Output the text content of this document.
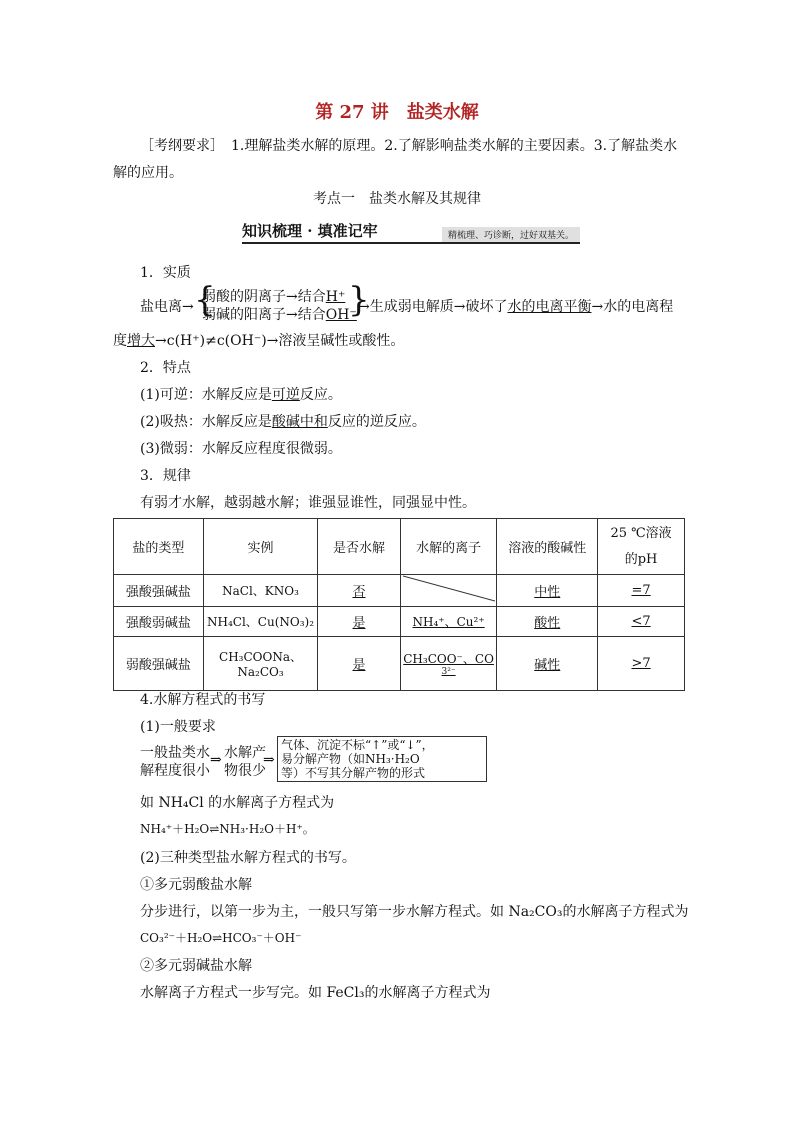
第 27 讲　盐类水解
［考纲要求］　1.理解盐类水解的原理。2.了解影响盐类水解的主要因素。3.了解盐类水
解的应用。
考点一　盐类水解及其规律
知识梳理 · 填准记牢	精梳理、巧诊断，过好双基关。
1．实质
盐电离→ {
弱酸的阴离子→结合H⁺
弱碱的阳离子→结合OH⁻
}
→生成弱电解质→破坏了水的电离平衡→水的电离程
度增大→c(H⁺)≠c(OH⁻)→溶液呈碱性或酸性。
2．特点
(1)可逆：水解反应是可逆反应。
(2)吸热：水解反应是酸碱中和反应的逆反应。
(3)微弱：水解反应程度很微弱。
3．规律
有弱才水解，越弱越水解；谁强显谁性，同强显中性。
盐的类型	实例	是否水解	水解的离子	溶液的酸碱性	25 ℃溶液
的pH

强酸强碱盐	NaCl、KNO₃	否		中性	=7
强酸弱碱盐	NH₄Cl、Cu(NO₃)₂	是	NH₄⁺、Cu²⁺	酸性	<7
弱酸强碱盐	CH₃COONa、Na₂CO₃	是	CH₃COO⁻、CO
3²⁻	碱性	>7
4.水解方程式的书写
(1)一般要求
一般盐类水
解程度很小
⇒ 水解产
物很少
⇒
气体、沉淀不标“↑”或“↓”，
易分解产物（如NH₃·H₂O
等）不写其分解产物的形式
如 NH₄Cl 的水解离子方程式为
NH₄⁺＋H₂O⇌NH₃·H₂O＋H⁺。
(2)三种类型盐水解方程式的书写。
①多元弱酸盐水解
分步进行，以第一步为主，一般只写第一步水解方程式。如 Na₂CO₃的水解离子方程式为
CO₃²⁻＋H₂O⇌HCO₃⁻＋OH⁻
②多元弱碱盐水解
水解离子方程式一步写完。如 FeCl₃的水解离子方程式为
